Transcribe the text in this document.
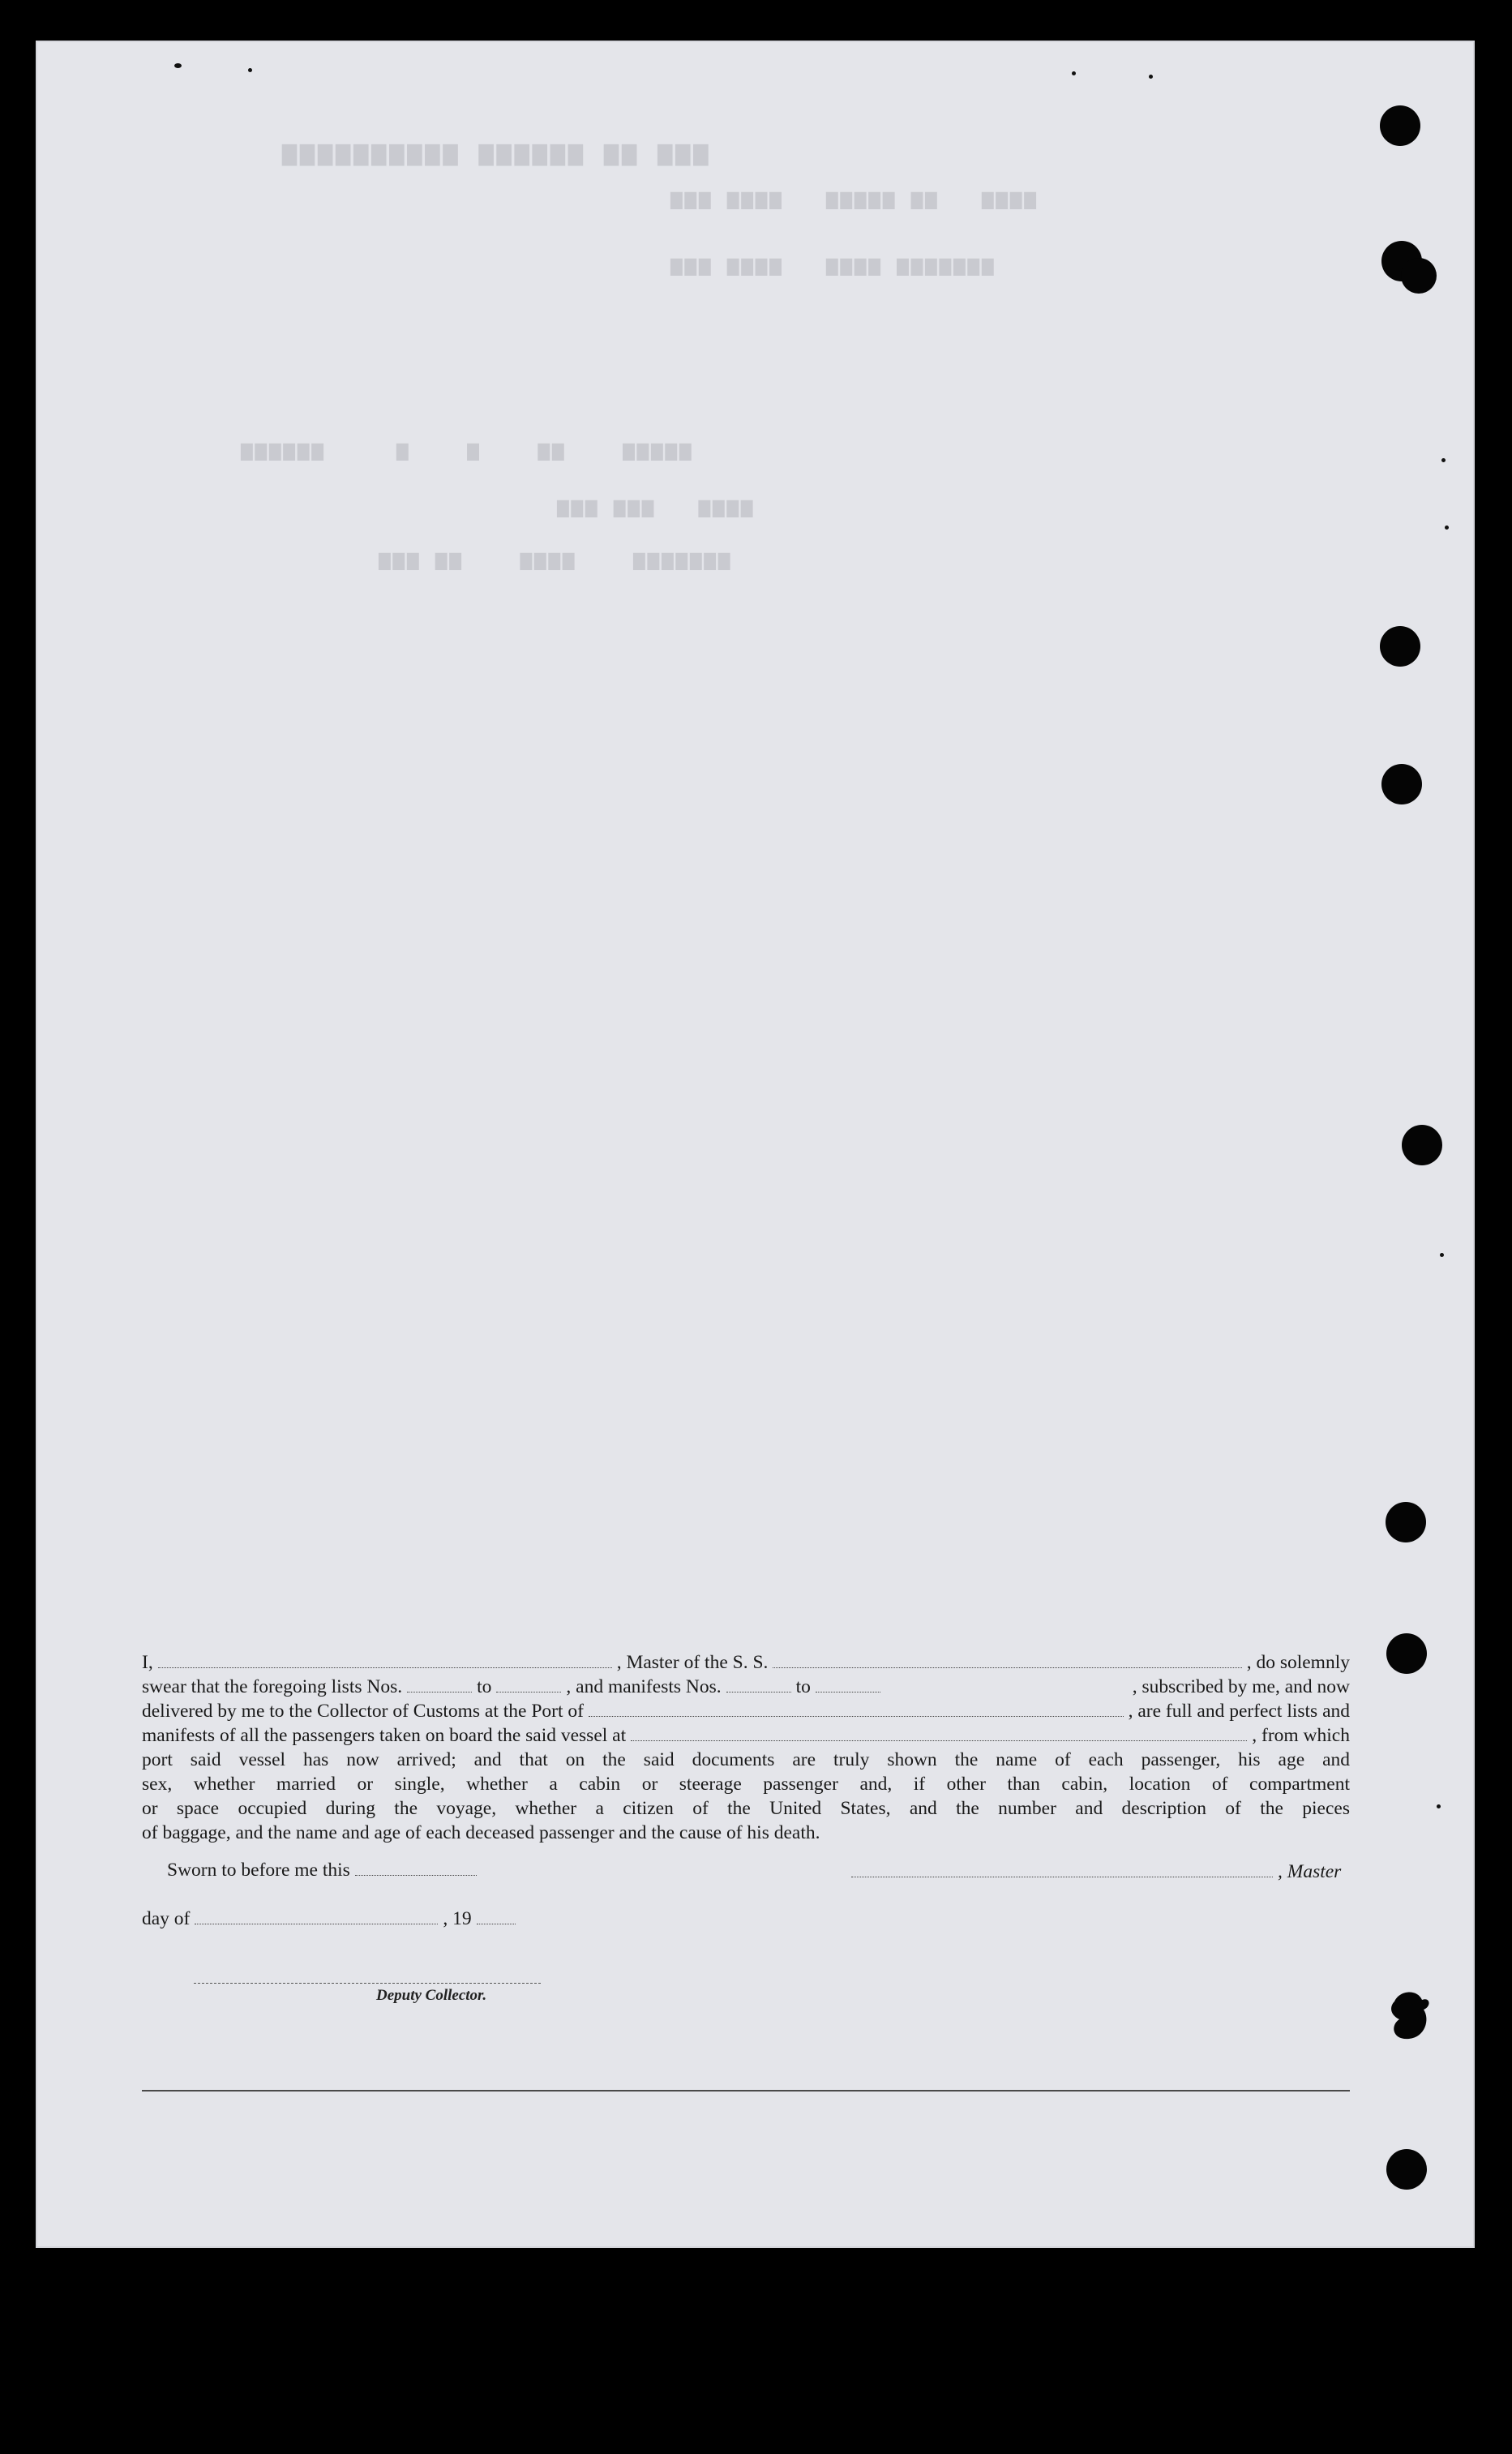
▆▆▆ ▆▆ ▆▆▆▆▆▆ ▆▆▆▆▆▆▆▆▆▆
▆▆▆▆   ▆▆ ▆▆▆▆▆   ▆▆▆▆ ▆▆▆
▆▆▆▆▆▆▆ ▆▆▆▆   ▆▆▆▆ ▆▆▆
▆▆▆▆▆    ▆▆    ▆    ▆     ▆▆▆▆▆▆
▆▆▆▆   ▆▆▆ ▆▆▆
▆▆▆▆▆▆▆    ▆▆▆▆    ▆▆ ▆▆▆
I,	, Master of the S. S.	, do solemnly
swear that the foregoing lists Nos.	to	, and manifests Nos.	to	, subscribed by me, and now
delivered by me to the Collector of Customs at the Port of	, are full and perfect lists and
manifests of all the passengers taken on board the said vessel at	, from which
port said vessel has now arrived; and that on the said documents are truly shown the name of each passenger, his age and
sex, whether married or single, whether a cabin or steerage passenger and, if other than cabin, location of compartment
or space occupied during the voyage, whether a citizen of the United States, and the number and description of the pieces
of baggage, and the name and age of each deceased passenger and the cause of his death.
Sworn to before me this	, Master
day of	, 19
Deputy Collector.
